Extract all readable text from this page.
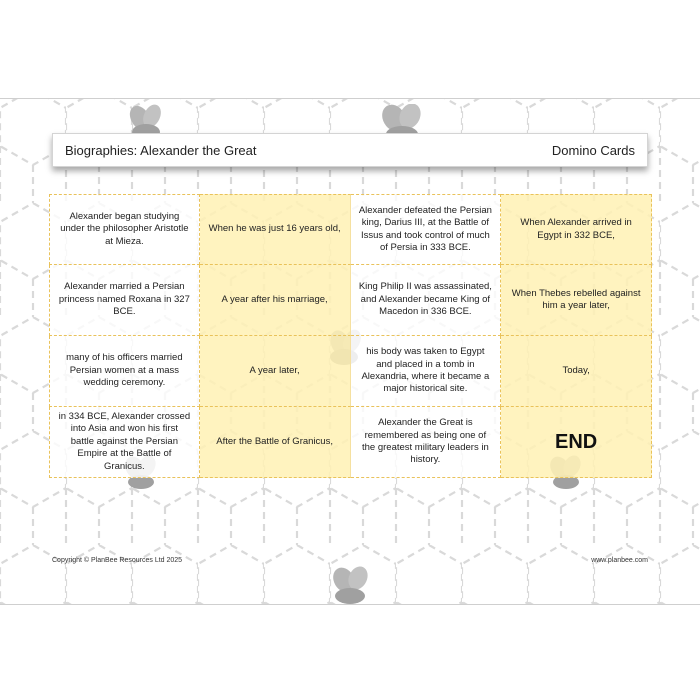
Biographies: Alexander the Great	Domino Cards
Alexander began studying under the philosopher Aristotle at Mieza.
When he was just 16 years old,
Alexander defeated the Persian king, Darius III, at the Battle of Issus and took control of much of Persia in 333 BCE.
When Alexander arrived in Egypt in 332 BCE,
Alexander married a Persian princess named Roxana in 327 BCE.
A year after his marriage,
King Philip II was assassinated, and Alexander became King of Macedon in 336 BCE.
When Thebes rebelled against him a year later,
many of his officers married Persian women at a mass wedding ceremony.
A year later,
his body was taken to Egypt and placed in a tomb in Alexandria, where it became a major historical site.
Today,
in 334 BCE, Alexander crossed into Asia and won his first battle against the Persian Empire at the Battle of Granicus.
After the Battle of Granicus,
Alexander the Great is remembered as being one of the greatest military leaders in history.
END
Copyright © PlanBee Resources Ltd 2025	www.planbee.com
